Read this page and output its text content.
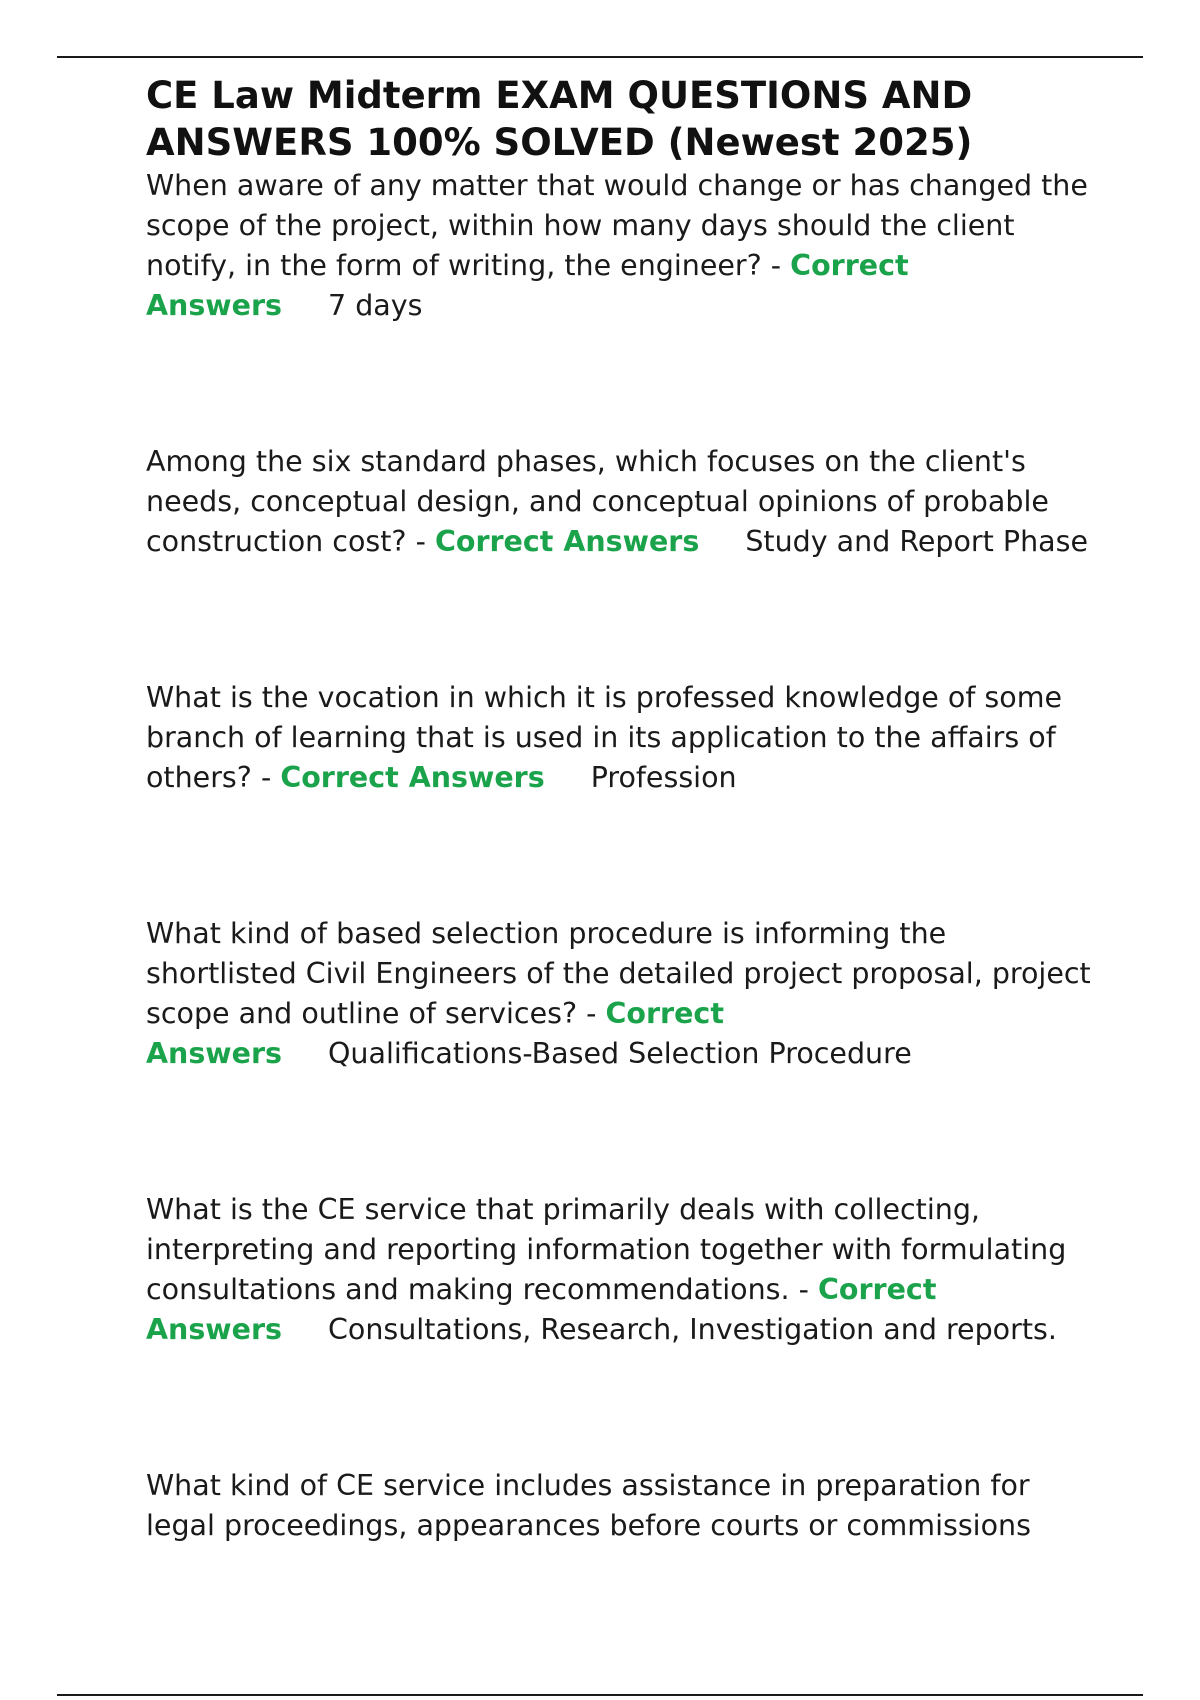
CE Law Midterm EXAM QUESTIONS AND ANSWERS 100% SOLVED (Newest 2025)

When aware of any matter that would change or has changed the scope of the project, within how many days should the client notify, in the form of writing, the engineer? - Correct Answers 7 days

Among the six standard phases, which focuses on the client's needs, conceptual design, and conceptual opinions of probable construction cost? - Correct Answers Study and Report Phase

What is the vocation in which it is professed knowledge of some branch of learning that is used in its application to the affairs of others? - Correct Answers Profession

What kind of based selection procedure is informing the shortlisted Civil Engineers of the detailed project proposal, project scope and outline of services? - Correct Answers Qualifications-Based Selection Procedure

What is the CE service that primarily deals with collecting, interpreting and reporting information together with formulating consultations and making recommendations. - Correct Answers Consultations, Research, Investigation and reports.

What kind of CE service includes assistance in preparation for legal proceedings, appearances before courts or commissions
